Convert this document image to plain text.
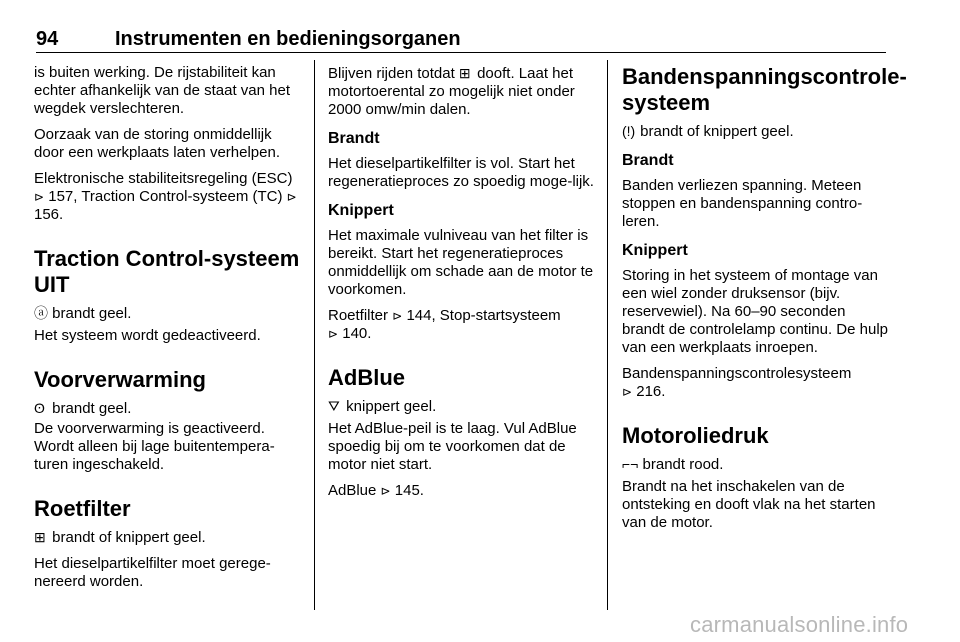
94	Instrumenten en bedieningsorganen

is buiten werking. De rijstabiliteit kan echter afhankelijk van de staat van het wegdek verslechteren.

Oorzaak van de storing onmiddellijk door een werkplaats laten verhelpen.

Elektronische stabiliteitsregeling (ESC) ⊳ 157, Traction Control-systeem (TC) ⊳ 156.

Traction Control-systeem UIT

ⓐ brandt geel.

Het systeem wordt gedeactiveerd.

Voorverwarming

ʘ brandt geel.

De voorverwarming is geactiveerd. Wordt alleen bij lage buitentempera-turen ingeschakeld.

Roetfilter

⊞ brandt of knippert geel.

Het dieselpartikelfilter moet gerege-nereerd worden.

Blijven rijden totdat ⊞ dooft. Laat het motortoerental zo mogelijk niet onder 2000 omw/min dalen.

Brandt

Het dieselpartikelfilter is vol. Start het regeneratieproces zo spoedig moge-lijk.

Knippert

Het maximale vulniveau van het filter is bereikt. Start het regeneratieproces onmiddellijk om schade aan de motor te voorkomen.

Roetfilter ⊳ 144, Stop-startsysteem
⊳ 140.

AdBlue

⛛ knippert geel.

Het AdBlue-peil is te laag. Vul AdBlue spoedig bij om te voorkomen dat de motor niet start.

AdBlue ⊳ 145.

Bandenspanningscontrole-systeem

(!) brandt of knippert geel.

Brandt

Banden verliezen spanning. Meteen stoppen en bandenspanning contro-leren.

Knippert

Storing in het systeem of montage van een wiel zonder druksensor (bijv. reservewiel). Na 60–90 seconden brandt de controlelamp continu. De hulp van een werkplaats inroepen.

Bandenspanningscontrolesysteem
⊳ 216.

Motoroliedruk

⌐¬ brandt rood.

Brandt na het inschakelen van de ontsteking en dooft vlak na het starten van de motor.

carmanualsonline.info
